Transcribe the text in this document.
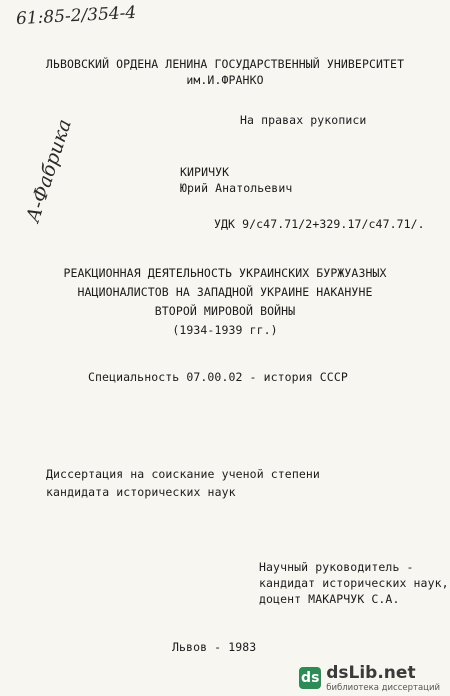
61:85-2/354-4
ЛЬВОВСКИЙ ОРДЕНА ЛЕНИНА ГОСУДАРСТВЕННЫЙ УНИВЕРСИТЕТ
им.И.ФРАНКО
На правах рукописи
А-Фабрика	КИРИЧУК
Юрий Анатольевич
УДК 9/с47.71/2+329.17/с47.71/.
РЕАКЦИОННАЯ ДЕЯТЕЛЬНОСТЬ УКРАИНСКИХ БУРЖУАЗНЫХ
НАЦИОНАЛИСТОВ НА ЗАПАДНОЙ УКРАИНЕ НАКАНУНЕ
ВТОРОЙ МИРОВОЙ ВОЙНЫ
(1934-1939 гг.)
Специальность 07.00.02 - история СССР
Диссертация на соискание ученой степени
кандидата исторических наук
Научный руководитель -
кандидат исторических наук,
доцент МАКАРЧУК С.А.
Львов - 1983
ds dsLib.net
библиотека диссертаций
